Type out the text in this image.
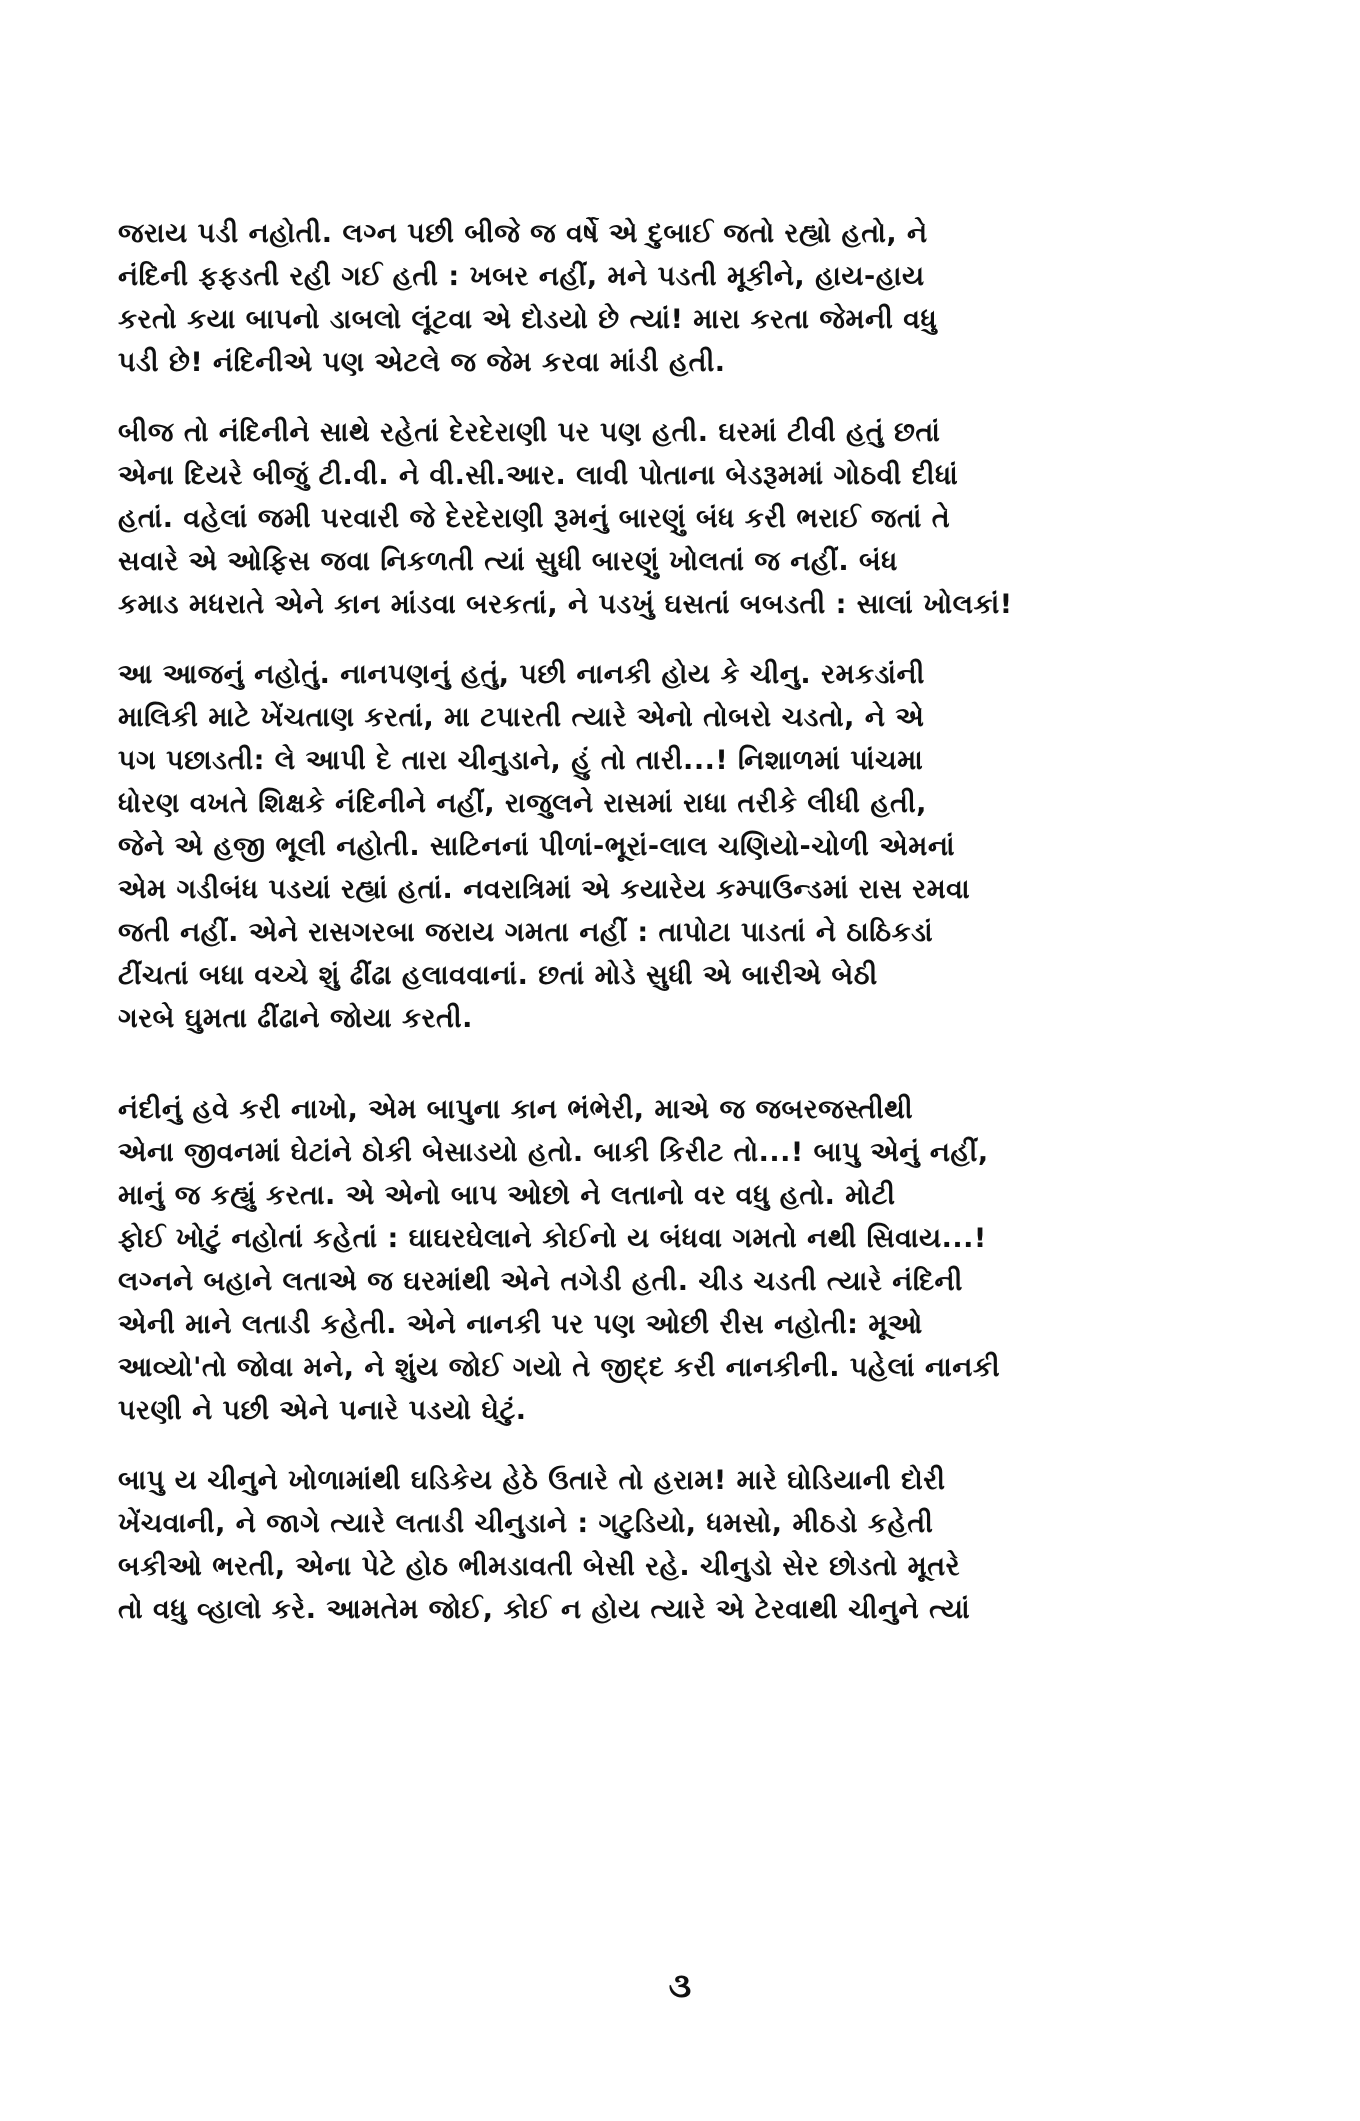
જરાય પડી નહોતી. લગ્ન પછી બીજે જ વર્ષે એ દુબાઈ જતો રહ્યો હતો, ને
નંદિની ફફડતી રહી ગઈ હતી : ખબર નહીં, મને પડતી મૂકીને, હાય-હાય
કરતો કયા બાપનો ડાબલો લૂંટવા એ દોડયો છે ત્યાં! મારા કરતા જેમની વધુ
પડી છે! નંદિનીએ પણ એટલે જ જેમ કરવા માંડી હતી.
બીજ તો નંદિનીને સાથે રહેતાં દેરદેરાણી પર પણ હતી. ઘરમાં ટીવી હતું છતાં
એના દિયરે બીજું ટી.વી. ને વી.સી.આર. લાવી પોતાના બેડરૂમમાં ગોઠવી દીધાં
હતાં. વહેલાં જમી પરવારી જે દેરદેરાણી રૂમનું બારણું બંધ કરી ભરાઈ જતાં તે
સવારે એ ઓફિસ જવા નિકળતી ત્યાં સુધી બારણું ખોલતાં જ નહીં. બંધ
કમાડ મધરાતે એને કાન માંડવા બરકતાં, ને પડખું ઘસતાં બબડતી : સાલાં ખોલકાં!
આ આજનું નહોતું. નાનપણનું હતું, પછી નાનકી હોય કે ચીનુ. રમકડાંની
માલિકી માટે ખેંચતાણ કરતાં, મા ટપારતી ત્યારે એનો તોબરો ચડતો, ને એ
પગ પછાડતી: લે આપી દે તારા ચીનુડાને, હું તો તારી...! નિશાળમાં પાંચમા
ધોરણ વખતે શિક્ષકે નંદિનીને નહીં, રાજુલને રાસમાં રાધા તરીકે લીધી હતી,
જેને એ હજી ભૂલી નહોતી. સાટિનનાં પીળાં-ભૂરાં-લાલ ચણિયો-ચોળી એમનાં
એમ ગડીબંધ પડયાં રહ્યાં હતાં. નવરાત્રિમાં એ કયારેય કમ્પાઉન્ડમાં રાસ રમવા
જતી નહીં. એને રાસગરબા જરાય ગમતા નહીં : તાપોટા પાડતાં ને ઠાઠિકડાં
ટીંચતાં બધા વચ્ચે શું ઢીંઢા હલાવવાનાં. છતાં મોડે સુધી એ બારીએ બેઠી
ગરબે ઘુમતા ઢીંઢાને જોયા કરતી.
નંદીનું હવે કરી નાખો, એમ બાપુના કાન ભંભેરી, માએ જ જબરજસ્તીથી
એના જીવનમાં ઘેટાંને ઠોકી બેસાડયો હતો. બાકી કિરીટ તો...! બાપુ એનું નહીં,
માનું જ કહ્યું કરતા. એ એનો બાપ ઓછો ને લતાનો વર વધુ હતો. મોટી
ફોઈ ખોટું નહોતાં કહેતાં : ઘાઘરઘેલાને કોઈનો ય બંધવા ગમતો નથી સિવાય...!
લગ્નને બહાને લતાએ જ ઘરમાંથી એને તગેડી હતી. ચીડ ચડતી ત્યારે નંદિની
એની માને લતાડી કહેતી. એને નાનકી પર પણ ઓછી રીસ નહોતી: મૂઓ
આવ્યો'તો જોવા મને, ને શુંય જોઈ ગયો તે જીદ્દ કરી નાનકીની. પહેલાં નાનકી
પરણી ને પછી એને પનારે પડયો ઘેટું.
બાપુ ય ચીનુને ખોળામાંથી ઘડિકેય હેઠે ઉતારે તો હરામ! મારે ઘોડિયાની દોરી
ખેંચવાની, ને જાગે ત્યારે લતાડી ચીનુડાને : ગટુડિયો, ધમસો, મીઠડો કહેતી
બકીઓ ભરતી, એના પેટે હોઠ ભીમડાવતી બેસી રહે. ચીનુડો સેર છોડતો મૂતરે
તો વધુ વ્હાલો કરે. આમતેમ જોઈ, કોઈ ન હોય ત્યારે એ ટેરવાથી ચીનુને ત્યાં
૩
